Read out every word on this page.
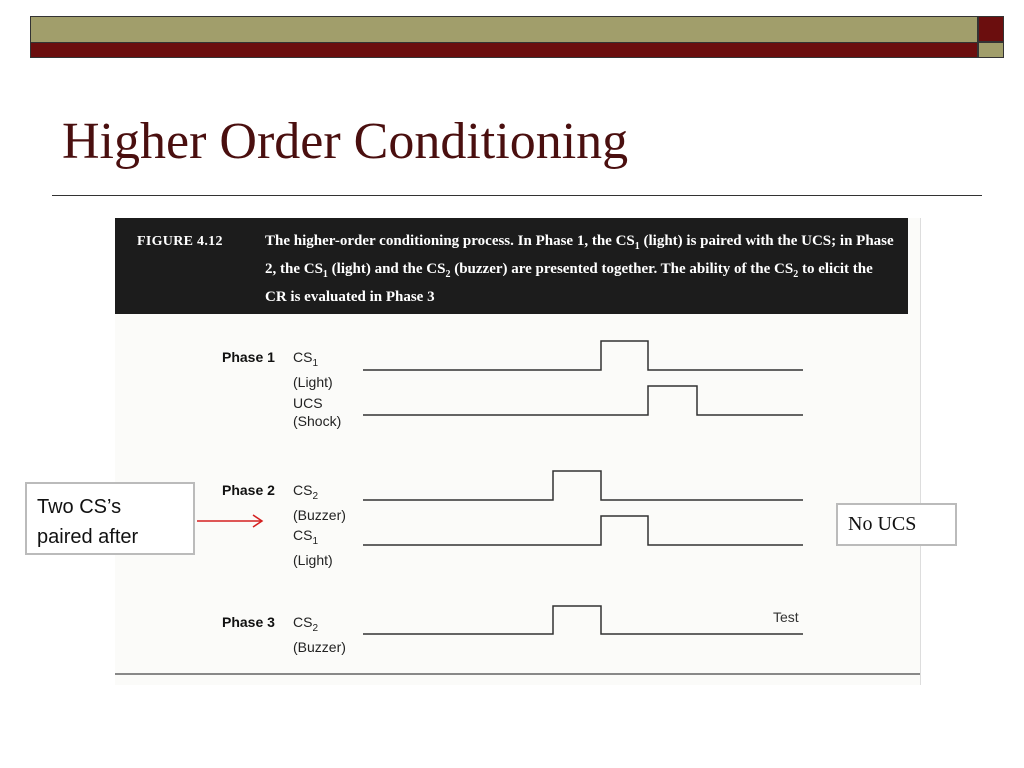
Higher Order Conditioning
FIGURE 4.12	The higher-order conditioning process. In Phase 1, the $CS_1$ (light) is paired with the UCS; in Phase 2, the $CS_1$ (light) and the $CS_2$ (buzzer) are presented together. The ability of the $CS_2$ to elicit the CR is evaluated in Phase 3
Phase 1 $CS_1$
(Light)
UCS
(Shock)
Phase 2 $CS_2$
(Buzzer)
$CS_1$
(Light)
Phase 3 $CS_2$
(Buzzer)
Test
Two CS’s
paired after
No UCS
